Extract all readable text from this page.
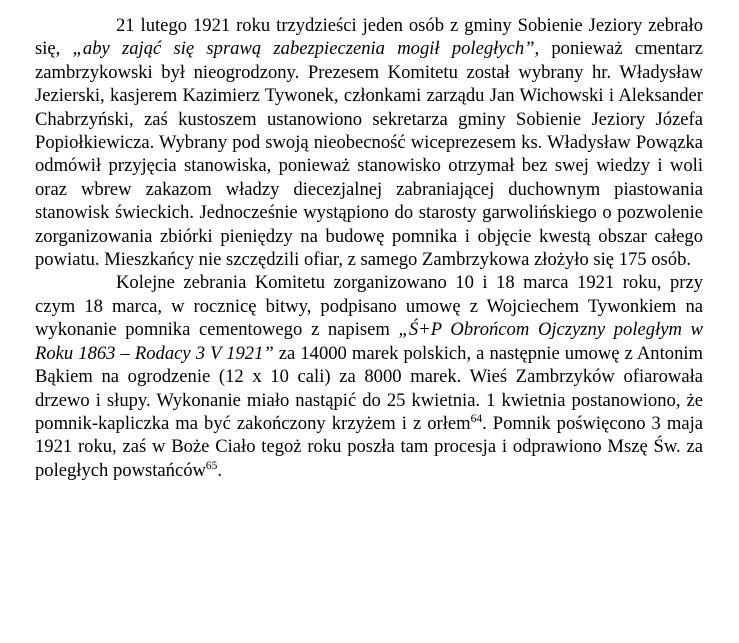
21 lutego 1921 roku trzydzieści jeden osób z gminy Sobienie Jeziory zebrało się, „aby zająć się sprawą zabezpieczenia mogił poległych”, ponieważ cmentarz zambrzykowski był nieogrodzony. Prezesem Komitetu został wybrany hr. Władysław Jezierski, kasjerem Kazimierz Tywonek, członkami zarządu Jan Wichowski i Aleksander Chabrzyński, zaś kustoszem ustanowiono sekretarza gminy Sobienie Jeziory Józefa Popiołkiewicza. Wybrany pod swoją nieobecność wiceprezesem ks. Władysław Powązka odmówił przyjęcia stanowiska, ponieważ stanowisko otrzymał bez swej wiedzy i woli oraz wbrew zakazom władzy diecezjalnej zabraniającej duchownym piastowania stanowisk świeckich. Jednocześnie wystąpiono do starosty garwolińskiego o pozwolenie zorganizowania zbiórki pieniędzy na budowę pomnika i objęcie kwestą obszar całego powiatu. Mieszkańcy nie szczędzili ofiar, z samego Zambrzykowa złożyło się 175 osób.

Kolejne zebrania Komitetu zorganizowano 10 i 18 marca 1921 roku, przy czym 18 marca, w rocznicę bitwy, podpisano umowę z Wojciechem Tywonkiem na wykonanie pomnika cementowego z napisem „Ś+P Obrońcom Ojczyzny poległym w Roku 1863 – Rodacy 3 V 1921” za 14000 marek polskich, a następnie umowę z Antonim Bąkiem na ogrodzenie (12 x 10 cali) za 8000 marek. Wieś Zambrzyków ofiarowała drzewo i słupy. Wykonanie miało nastąpić do 25 kwietnia. 1 kwietnia postanowiono, że pomnik-kapliczka ma być zakończony krzyżem i z orłem$^{64}$. Pomnik poświęcono 3 maja 1921 roku, zaś w Boże Ciało tegoż roku poszła tam procesja i odprawiono Mszę Św. za poległych powstańców$^{65}$.
